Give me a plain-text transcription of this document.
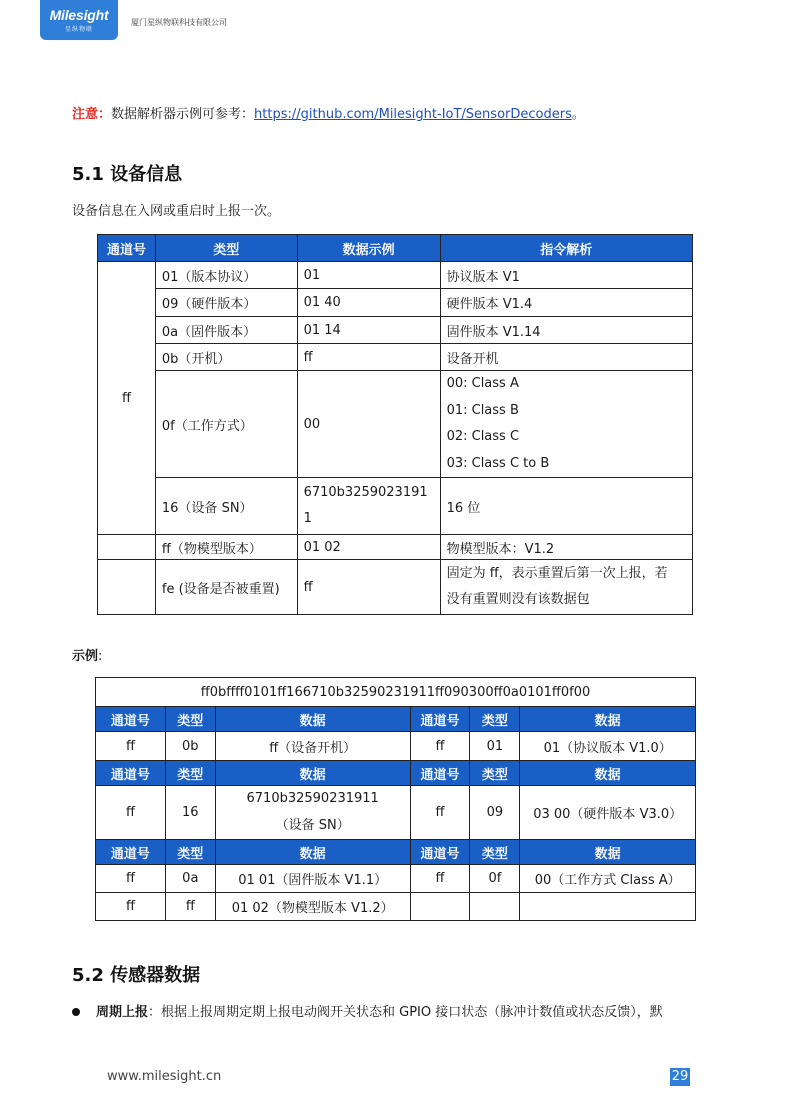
Milesight
星纵物联
厦门星纵物联科技有限公司
注意：数据解析器示例可参考：https://github.com/Milesight-IoT/SensorDecoders。
5.1 设备信息
设备信息在入网或重启时上报一次。
通道号	类型	数据示例	指令解析
ff	01（版本协议）	01	协议版本 V1
	09（硬件版本）	01 40	硬件版本 V1.4
	0a（固件版本）	01 14	固件版本 V1.14
	0b（开机）	ff	设备开机
	0f（工作方式）	00	00: Class A
01: Class B
02: Class C
03: Class C to B

	16（设备 SN）	6710b3259023191
1	16 位
	ff（物模型版本）	01 02	物模型版本：V1.2
	fe (设备是否被重置)	ff	固定为 ff，表示重置后第一次上报，若
没有重置则没有该数据包
示例:
ff0bffff0101ff166710b32590231911ff090300ff0a0101ff0f00					
通道号	类型	数据	通道号	类型	数据
ff	0b	ff（设备开机）	ff	01	01（协议版本 V1.0）
通道号	类型	数据	通道号	类型	数据
ff	16	6710b32590231911
（设备 SN）	ff	09	03 00（硬件版本 V3.0）
通道号	类型	数据	通道号	类型	数据
ff	0a	01 01（固件版本 V1.1）	ff	0f	00（工作方式 Class A）
ff	ff	01 02（物模型版本 V1.2）			
5.2 传感器数据
周期上报：根据上报周期定期上报电动阀开关状态和 GPIO 接口状态（脉冲计数值或状态反馈），默
www.milesight.cn	29
